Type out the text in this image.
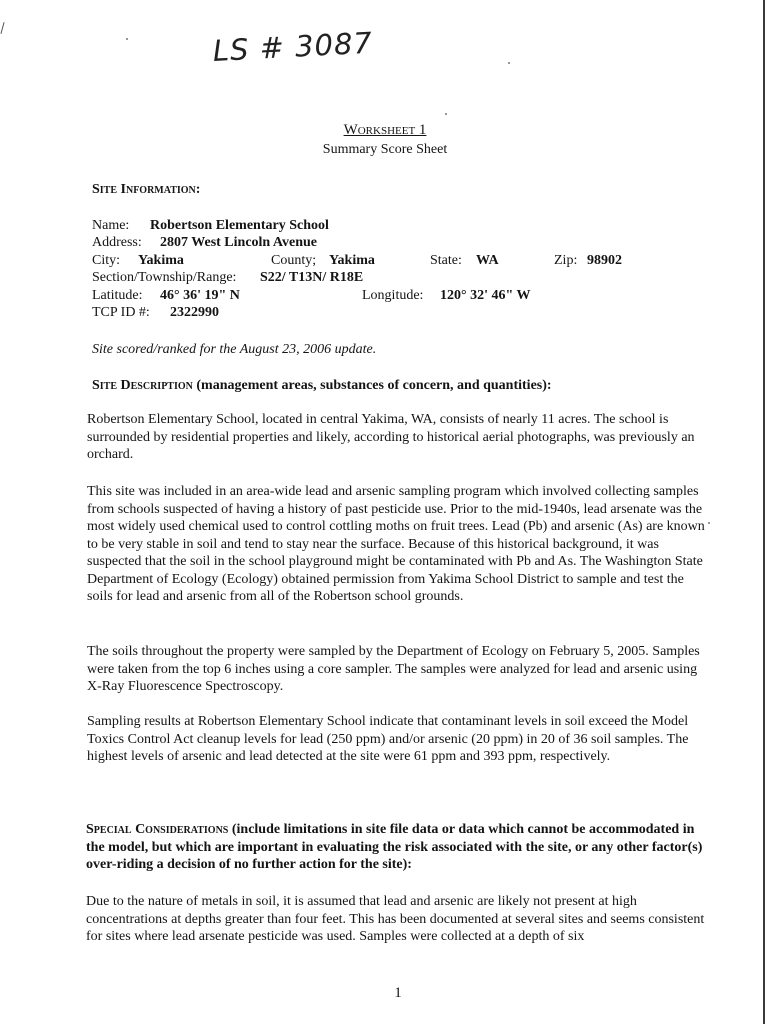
LS # 3087
Worksheet 1
Summary Score Sheet
Site Information:
Name: Robertson Elementary School
Address: 2807 West Lincoln Avenue
City: Yakima	County; Yakima	State: WA	Zip: 98902
Section/Township/Range: S22/ T13N/ R18E
Latitude: 46° 36' 19" N	Longitude: 120° 32' 46" W
TCP ID #: 2322990
Site scored/ranked for the August 23, 2006 update.
Site Description (management areas, substances of concern, and quantities):
Robertson Elementary School, located in central Yakima, WA, consists of nearly 11 acres. The school is surrounded by residential properties and likely, according to historical aerial photographs, was previously an orchard.
This site was included in an area-wide lead and arsenic sampling program which involved collecting samples from schools suspected of having a history of past pesticide use. Prior to the mid-1940s, lead arsenate was the most widely used chemical used to control cottling moths on fruit trees. Lead (Pb) and arsenic (As) are known to be very stable in soil and tend to stay near the surface. Because of this historical background, it was suspected that the soil in the school playground might be contaminated with Pb and As. The Washington State Department of Ecology (Ecology) obtained permission from Yakima School District to sample and test the soils for lead and arsenic from all of the Robertson school grounds.
The soils throughout the property were sampled by the Department of Ecology on February 5, 2005. Samples were taken from the top 6 inches using a core sampler. The samples were analyzed for lead and arsenic using X-Ray Fluorescence Spectroscopy.
Sampling results at Robertson Elementary School indicate that contaminant levels in soil exceed the Model Toxics Control Act cleanup levels for lead (250 ppm) and/or arsenic (20 ppm) in 20 of 36 soil samples. The highest levels of arsenic and lead detected at the site were 61 ppm and 393 ppm, respectively.
Special Considerations (include limitations in site file data or data which cannot be accommodated in the model, but which are important in evaluating the risk associated with the site, or any other factor(s) over-riding a decision of no further action for the site):
Due to the nature of metals in soil, it is assumed that lead and arsenic are likely not present at high concentrations at depths greater than four feet. This has been documented at several sites and seems consistent for sites where lead arsenate pesticide was used. Samples were collected at a depth of six
1
